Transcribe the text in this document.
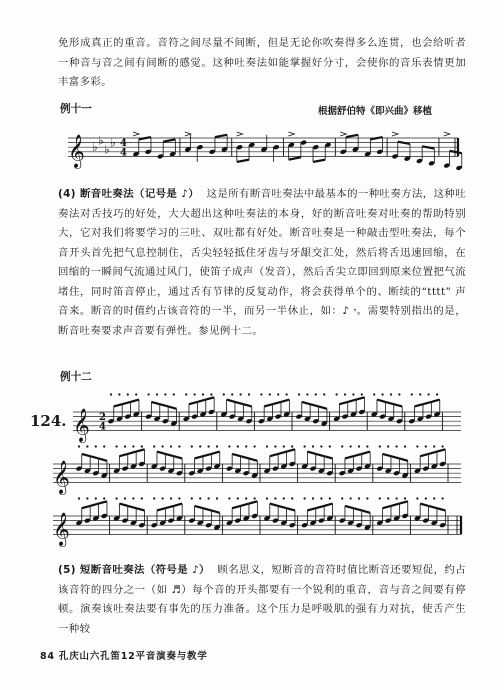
免形成真正的重音。音符之间尽量不间断，但是无论你吹奏得多么连贯，也会给听者一种音与音之间有间断的感觉。这种吐奏法如能掌握好分寸，会使你的音乐表情更加丰富多彩。

例十一	根据舒伯特《即兴曲》移植
𝄞 ♭ ♭
♭ ♭ 4
4

(4) 断音吐奏法（记号是 ♪） 这是所有断音吐奏法中最基本的一种吐奏方法，这种吐奏法对舌技巧的好处，大大超出这种吐奏法的本身，好的断音吐奏对吐奏的帮助特别大，它对我们将要学习的三吐、双吐都有好处。断音吐奏是一种敲击型吐奏法，每个音开头首先把气息控制住，舌尖轻轻抵住牙齿与牙龈交汇处，然后将舌迅速回缩，在回缩的一瞬间气流通过风门，使笛子成声（发音），然后舌尖立即回到原来位置把气流堵住，同时笛音停止，通过舌有节律的反复动作，将会获得单个的、断续的“tttt” 声音来。断音的时值约占该音符的一半，而另一半休止，如：♪ 𝄾。需要特别指出的是，断音吐奏要求声音要有弹性。参见例十二。

例十二
124. 𝄞 2
4
𝄞
𝄞

(5) 短断音吐奏法（符号是 ♪） 顾名思义，短断音的音符时值比断音还要短促，约占该音符的四分之一（如 ♬）每个音的开头都要有一个锐利的重音，音与音之间要有停顿。演奏该吐奏法要有事先的压力准备。这个压力是呼吸肌的强有力对抗，使舌产生一种较

84 孔庆山六孔笛12平音演奏与教学
